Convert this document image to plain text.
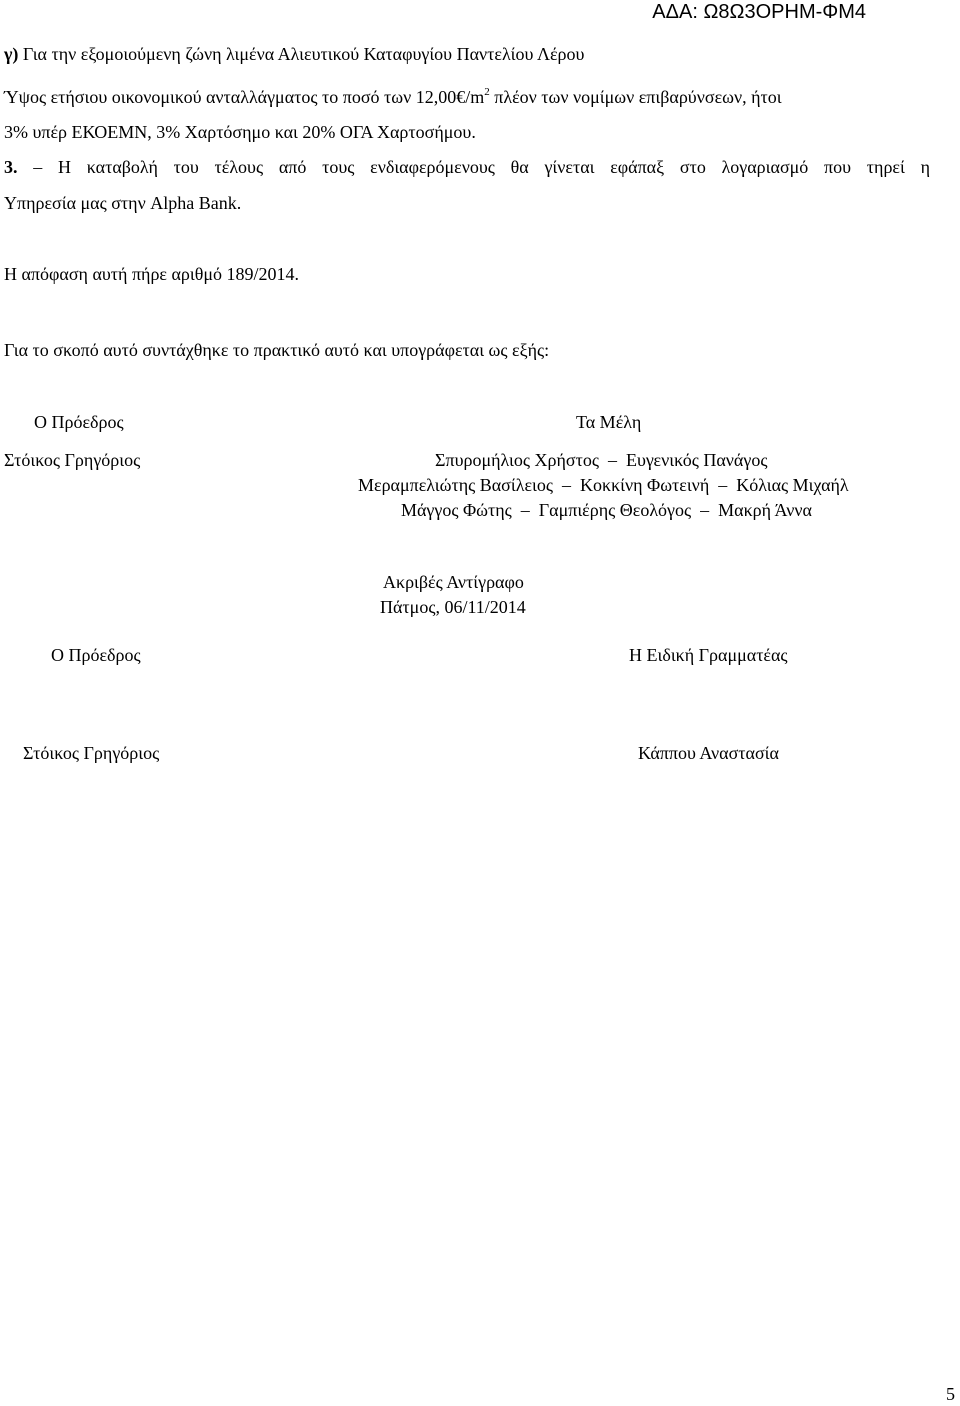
ΑΔΑ: Ω8Ω3ΟΡΗΜ-ΦΜ4
γ) Για την εξομοιούμενη ζώνη λιμένα Αλιευτικού Καταφυγίου Παντελίου Λέρου
Ύψος ετήσιου οικονομικού ανταλλάγματος το ποσό των $12,00€/m^2$ πλέον των νομίμων επιβαρύνσεων, ήτοι
3% υπέρ ΕΚΟΕΜΝ, 3% Χαρτόσημο και 20% ΟΓΑ Χαρτοσήμου.
3. – Η καταβολή του τέλους από τους ενδιαφερόμενους θα γίνεται εφάπαξ στο λογαριασμό που τηρεί η
Υπηρεσία μας στην Alpha Bank.
Η απόφαση αυτή πήρε αριθμό 189/2014.
Για το σκοπό αυτό συντάχθηκε το πρακτικό αυτό και υπογράφεται ως εξής:
Ο Πρόεδρος	Τα Μέλη
Στόικος Γρηγόριος	Σπυρομήλιος Χρήστος – Ευγενικός Πανάγος
Μεραμπελιώτης Βασίλειος – Κοκκίνη Φωτεινή – Κόλιας Μιχαήλ
Μάγγος Φώτης – Γαμπιέρης Θεολόγος – Μακρή Άννα
Ακριβές Αντίγραφο
Πάτμος, 06/11/2014
Ο Πρόεδρος	Η Ειδική Γραμματέας
Στόικος Γρηγόριος	Κάππου Αναστασία
5
